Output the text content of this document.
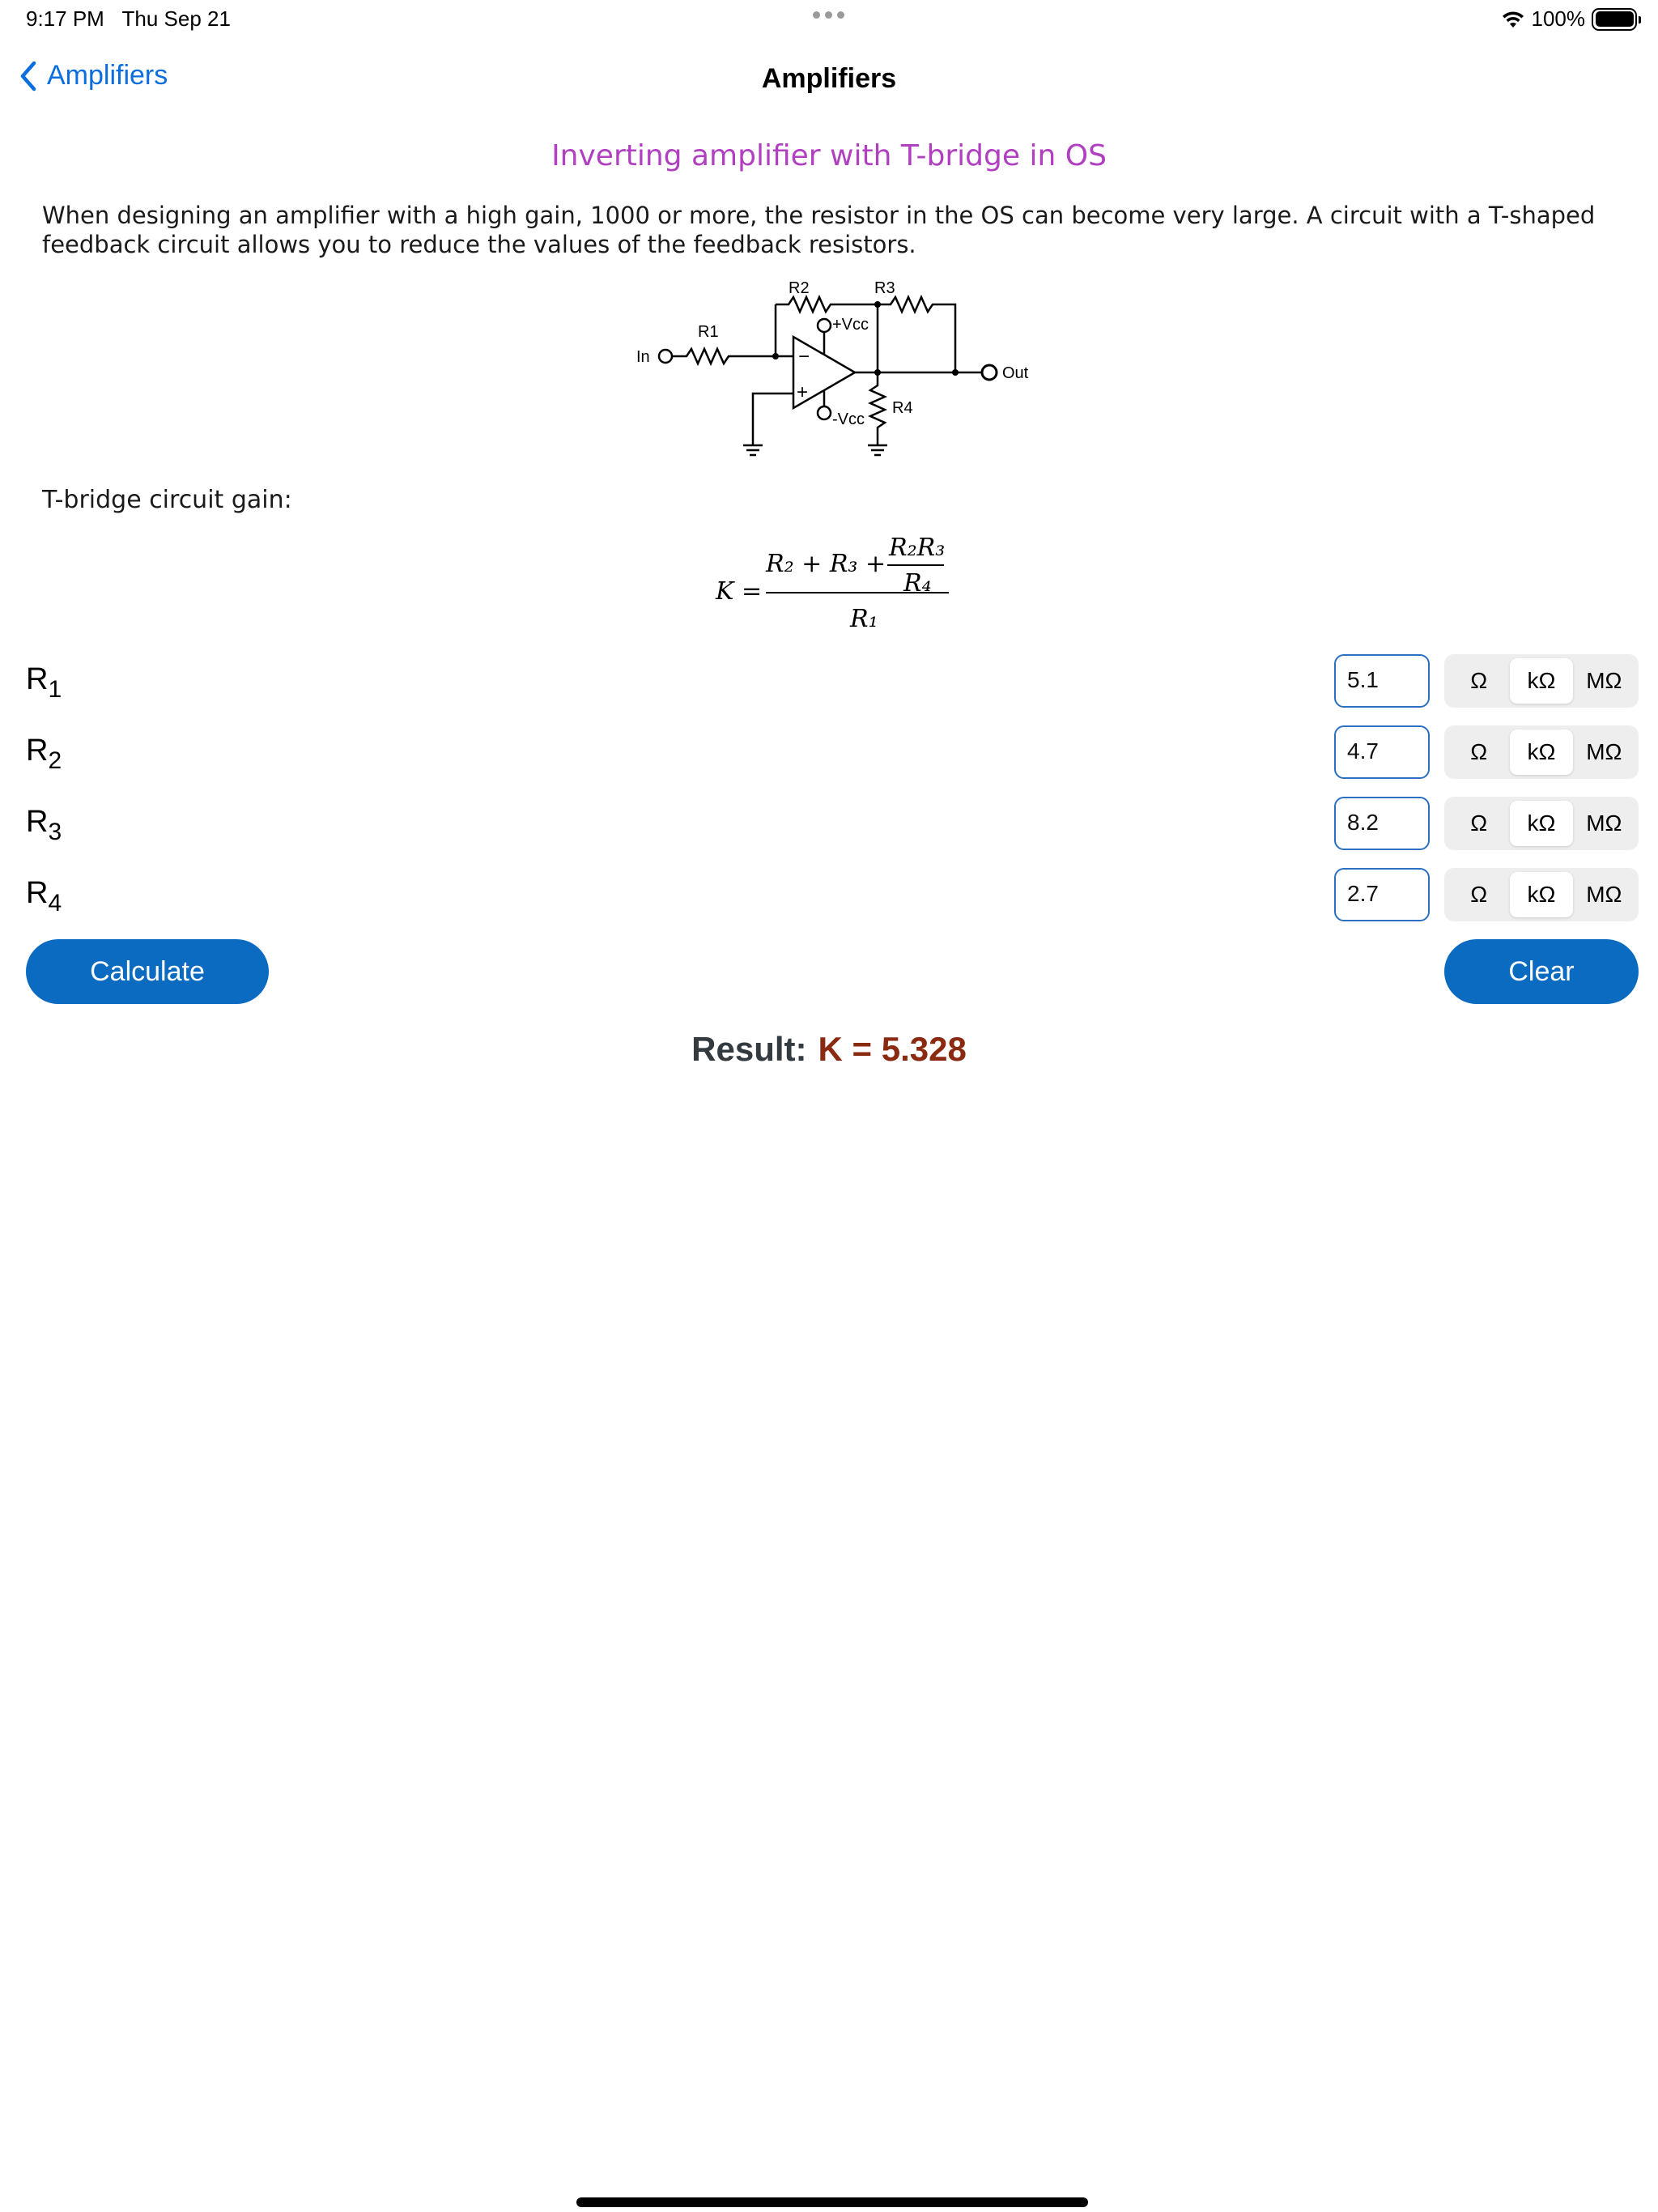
9:17 PM Thu Sep 21	100%
Amplifiers	Amplifiers
Inverting amplifier with T-bridge in OS
When designing an amplifier with a high gain, 1000 or more, the resistor in the OS can become very large. A circuit with a T-shaped feedback circuit allows you to reduce the values of the feedback resistors.
In
Out
R1
R2	R3
R4
+Vcc
-Vcc
−
+
T-bridge circuit gain:
K =
R₂ + R₃ +
R₂R₃
R₄
R₁
$R_1$	5.1	Ω	kΩ	MΩ
$R_2$	4.7	Ω	kΩ	MΩ
$R_3$	8.2	Ω	kΩ	MΩ
$R_4$	2.7	Ω	kΩ	MΩ
Calculate	Clear
Result: K = 5.328
